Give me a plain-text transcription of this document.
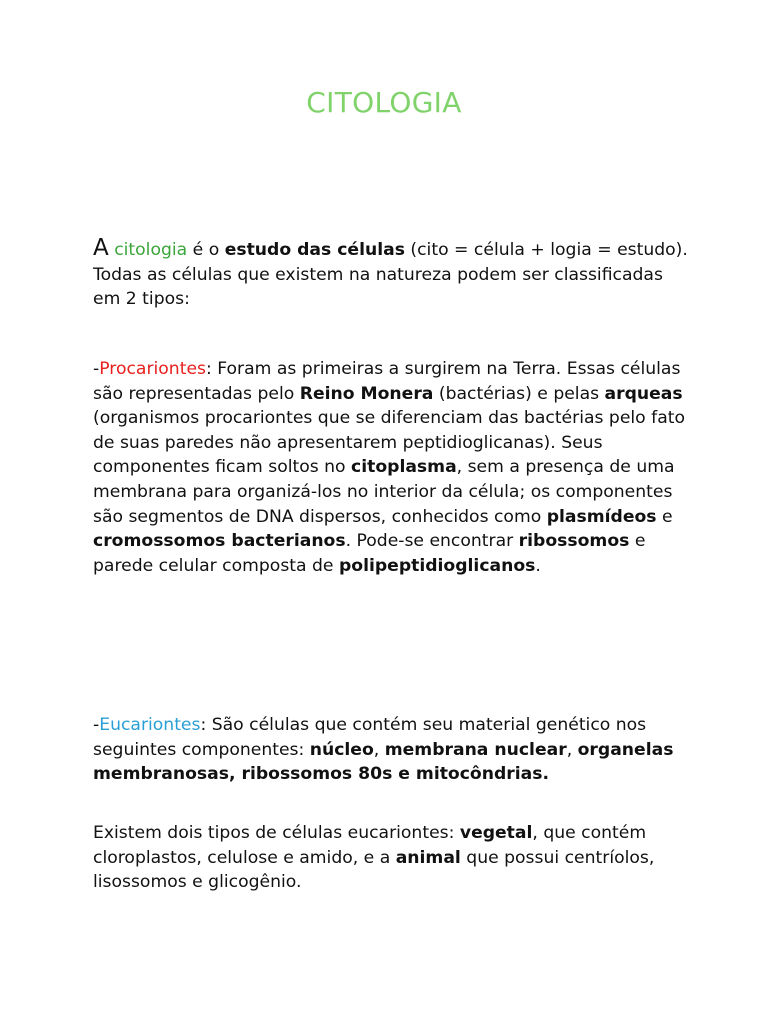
CITOLOGIA

A citologia é o estudo das células (cito = célula + logia = estudo). Todas as células que existem na natureza podem ser classificadas em 2 tipos:

-Procariontes: Foram as primeiras a surgirem na Terra. Essas células são representadas pelo Reino Monera (bactérias) e pelas arqueas (organismos procariontes que se diferenciam das bactérias pelo fato de suas paredes não apresentarem peptidioglicanas). Seus componentes ficam soltos no citoplasma, sem a presença de uma membrana para organizá-los no interior da célula; os componentes são segmentos de DNA dispersos, conhecidos como plasmídeos e cromossomos bacterianos. Pode-se encontrar ribossomos e parede celular composta de polipeptidioglicanos.

-Eucariontes: São células que contém seu material genético nos seguintes componentes: núcleo, membrana nuclear, organelas membranosas, ribossomos 80s e mitocôndrias.

Existem dois tipos de células eucariontes: vegetal, que contém cloroplastos, celulose e amido, e a animal que possui centríolos, lisossomos e glicogênio.
